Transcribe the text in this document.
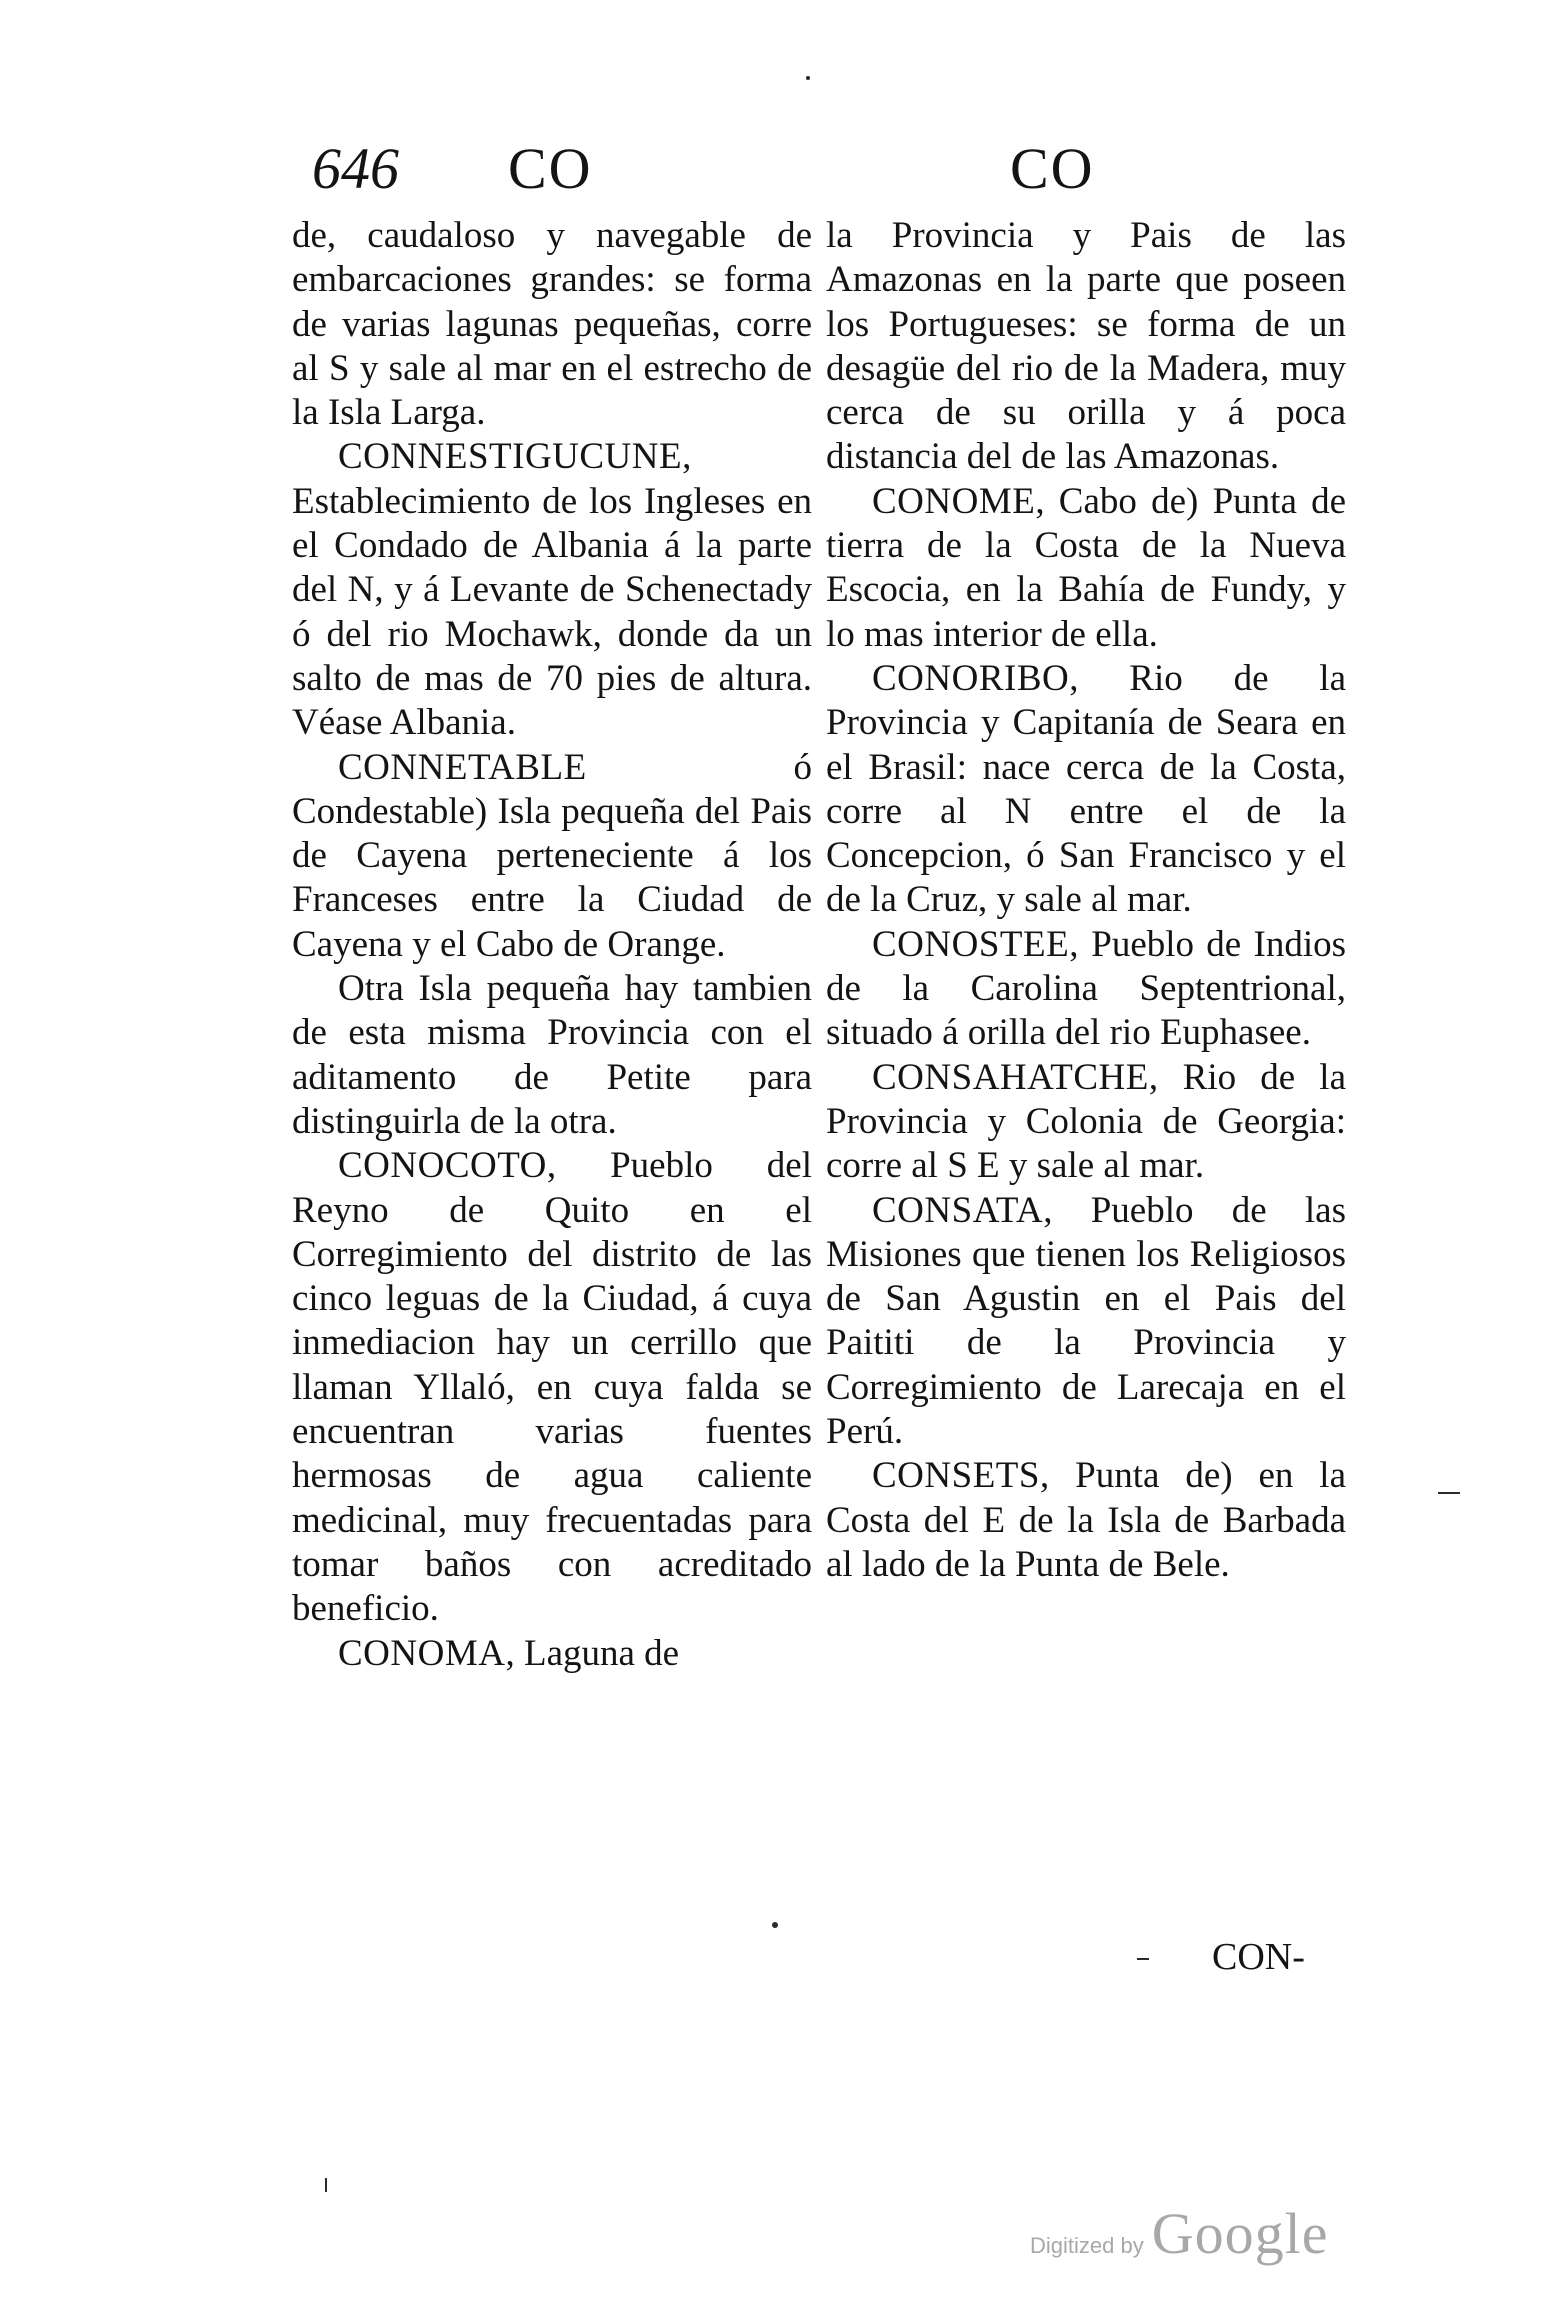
646 CO	CO

de, caudaloso y navegable de embarcaciones grandes: se forma de varias lagunas pequeñas, corre al S y sale al mar en el estrecho de la Isla Larga.

CONNESTIGUCUNE, Establecimiento de los Ingleses en el Condado de Albania á la parte del N, y á Levante de Schenectady ó del rio Mochawk, donde da un salto de mas de 70 pies de altura. Véase Albania.

CONNETABLE ó Condestable) Isla pequeña del Pais de Cayena perteneciente á los Franceses entre la Ciudad de Cayena y el Cabo de Orange.

Otra Isla pequeña hay tambien de esta misma Provincia con el aditamento de Petite para distinguirla de la otra.

CONOCOTO, Pueblo del Reyno de Quito en el Corregimiento del distrito de las cinco leguas de la Ciudad, á cuya inmediacion hay un cerrillo que llaman Yllaló, en cuya falda se encuentran varias fuentes hermosas de agua caliente medicinal, muy frecuentadas para tomar baños con acreditado beneficio.

CONOMA, Laguna de

la Provincia y Pais de las Amazonas en la parte que poseen los Portugueses: se forma de un desagüe del rio de la Madera, muy cerca de su orilla y á poca distancia del de las Amazonas.

CONOME, Cabo de) Punta de tierra de la Costa de la Nueva Escocia, en la Bahía de Fundy, y lo mas interior de ella.

CONORIBO, Rio de la Provincia y Capitanía de Seara en el Brasil: nace cerca de la Costa, corre al N entre el de la Concepcion, ó San Francisco y el de la Cruz, y sale al mar.

CONOSTEE, Pueblo de Indios de la Carolina Septentrional, situado á orilla del rio Euphasee.

CONSAHATCHE, Rio de la Provincia y Colonia de Georgia: corre al S E y sale al mar.

CONSATA, Pueblo de las Misiones que tienen los Religiosos de San Agustin en el Pais del Paititi de la Provincia y Corregimiento de Larecaja en el Perú.

CONSETS, Punta de) en la Costa del E de la Isla de Barbada al lado de la Punta de Bele.

CON-
Digitized by Google
